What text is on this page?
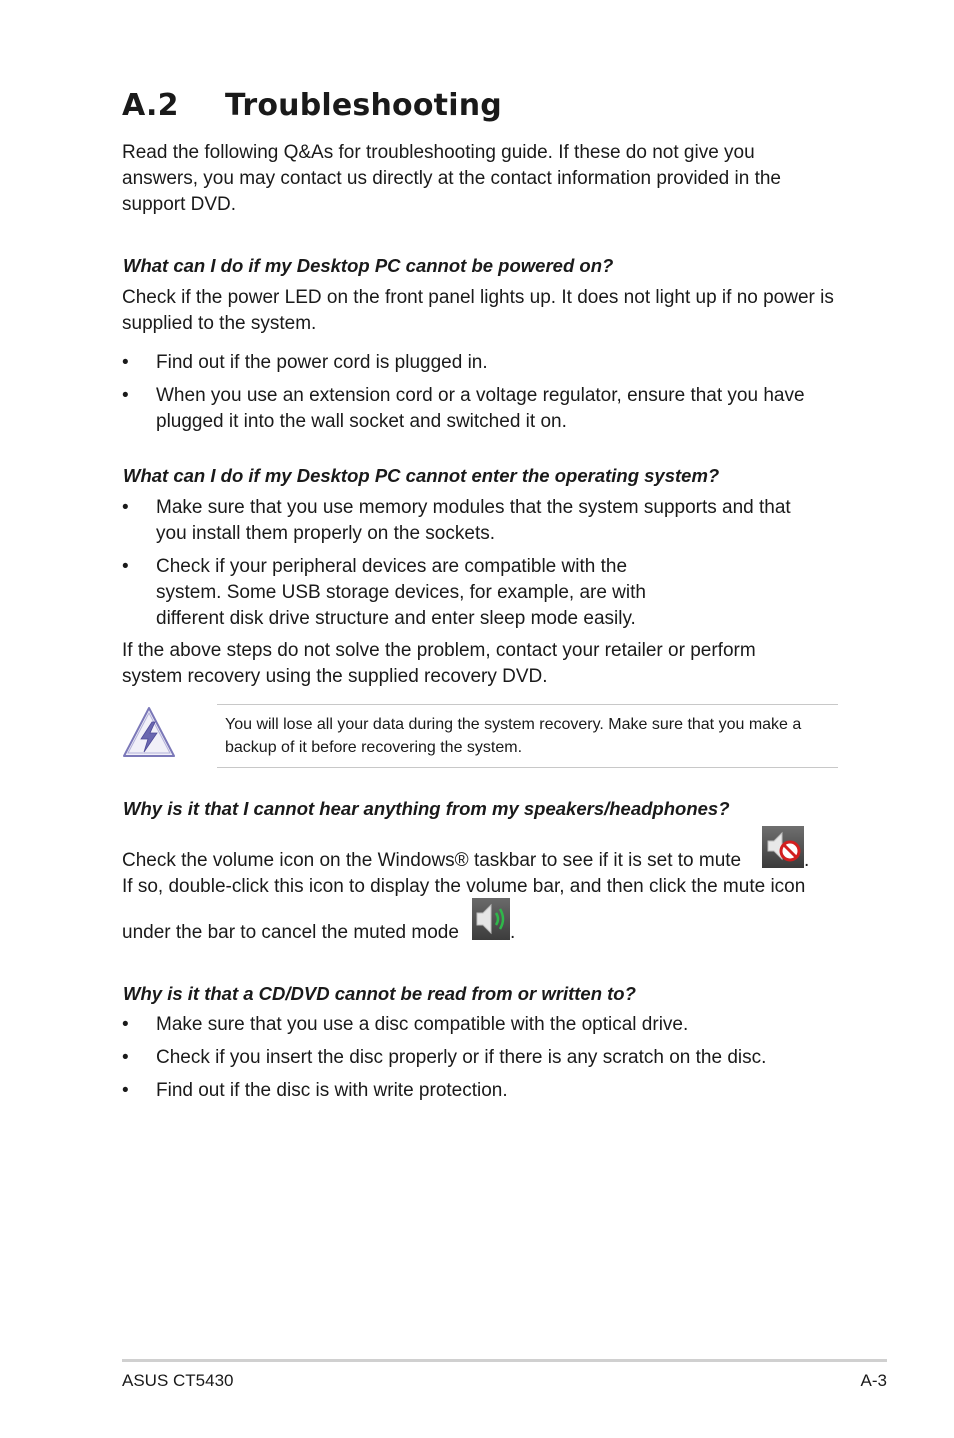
A.2 Troubleshooting
Read the following Q&As for troubleshooting guide. If these do not give you answers, you may contact us directly at the contact information provided in the support DVD.
What can I do if my Desktop PC cannot be powered on?
Check if the power LED on the front panel lights up. It does not light up if no power is supplied to the system.
• Find out if the power cord is plugged in.
• When you use an extension cord or a voltage regulator, ensure that you have plugged it into the wall socket and switched it on.
What can I do if my Desktop PC cannot enter the operating system?
• Make sure that you use memory modules that the system supports and that you install them properly on the sockets.
• Check if your peripheral devices are compatible with the system. Some USB storage devices, for example, are with different disk drive structure and enter sleep mode easily.
If the above steps do not solve the problem, contact your retailer or perform system recovery using the supplied recovery DVD.
You will lose all your data during the system recovery. Make sure that you make a backup of it before recovering the system.
Why is it that I cannot hear anything from my speakers/headphones?
Check the volume icon on the Windows® taskbar to see if it is set to mute	.
If so, double-click this icon to display the volume bar, and then click the mute icon
under the bar to cancel the muted mode	.
Why is it that a CD/DVD cannot be read from or written to?
• Make sure that you use a disc compatible with the optical drive.
• Check if you insert the disc properly or if there is any scratch on the disc.
• Find out if the disc is with write protection.
ASUS CT5430	A-3
